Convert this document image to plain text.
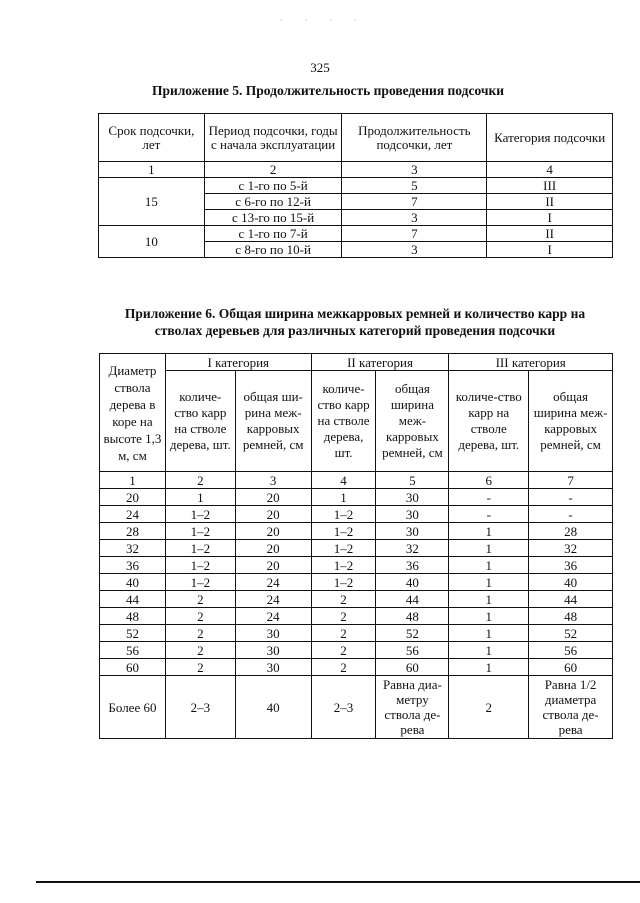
· · · ·
325
Приложение 5. Продолжительность проведения подсочки
Срок подсочки, лет	Период подсочки, годы с начала эксплуатации	Продолжительность подсочки, лет	Категория подсочки
1	2	3	4
15	с 1-го по 5-й	5	III
	с 6-го по 12-й	7	II
	с 13-го по 15-й	3	I
10	с 1-го по 7-й	7	II
	с 8-го по 10-й	3	I
Приложение 6. Общая ширина межкарровых ремней и количество карр на стволах деревьев для различных категорий проведения подсочки
Диаметр ствола дерева в коре на высоте 1,3 м, см	I категория		II категория		III категория	
	количе-ство карр на стволе дерева, шт.	общая ши-рина меж-карровых ремней, см	количе-ство карр на стволе дерева, шт.	общая ширина меж-карровых ремней, см	количе-ство карр на стволе дерева, шт.	общая ширина меж-карровых ремней, см
1	2	3	4	5	6	7
20	1	20	1	30	-	-
24	1–2	20	1–2	30	-	-
28	1–2	20	1–2	30	1	28
32	1–2	20	1–2	32	1	32
36	1–2	20	1–2	36	1	36
40	1–2	24	1–2	40	1	40
44	2	24	2	44	1	44
48	2	24	2	48	1	48
52	2	30	2	52	1	52
56	2	30	2	56	1	56
60	2	30	2	60	1	60
Более 60	2–3	40	2–3	Равна диа-метру ствола де-рева	2	Равна 1/2 диаметра ствола де-рева
